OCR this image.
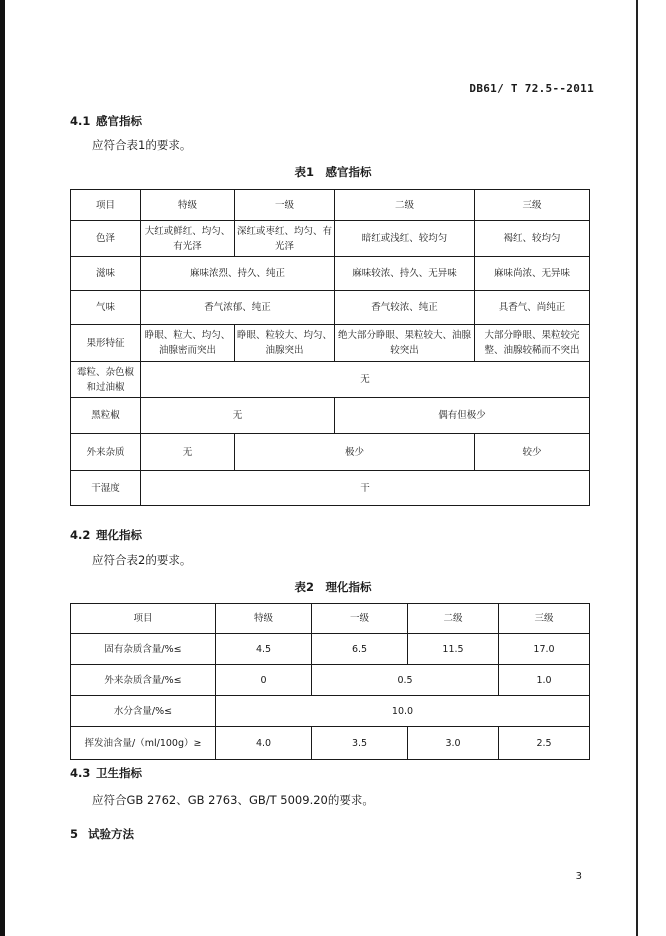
DB61/ T 72.5--2011
4.1 感官指标
应符合表1的要求。
表1　感官指标
项目	特级	一级	二级	三级
色泽	大红或鲜红、均匀、有光泽	深红或枣红、均匀、有光泽	暗红或浅红、较均匀	褐红、较均匀
滋味	麻味浓烈、持久、纯正		麻味较浓、持久、无异味	麻味尚浓、无异味
气味	香气浓郁、纯正		香气较浓、纯正	具香气、尚纯正
果形特征	睁眼、粒大、均匀、油腺密而突出	睁眼、粒较大、均匀、油腺突出	绝大部分睁眼、果粒较大、油腺较突出	大部分睁眼、果粒较完整、油腺较稀而不突出
霉粒、杂色椒和过油椒	无			
黑粒椒	无		偶有但极少	
外来杂质	无	极少		较少
干湿度	干			
4.2 理化指标
应符合表2的要求。
表2　理化指标
项目	特级	一级	二级	三级
固有杂质含量/%≤	4.5	6.5	11.5	17.0
外来杂质含量/%≤	0	0.5		1.0
水分含量/%≤	10.0			
挥发油含量/（ml/100g）≥	4.0	3.5	3.0	2.5
4.3 卫生指标
应符合GB 2762、GB 2763、GB/T 5009.20的要求。
5 试验方法
3
